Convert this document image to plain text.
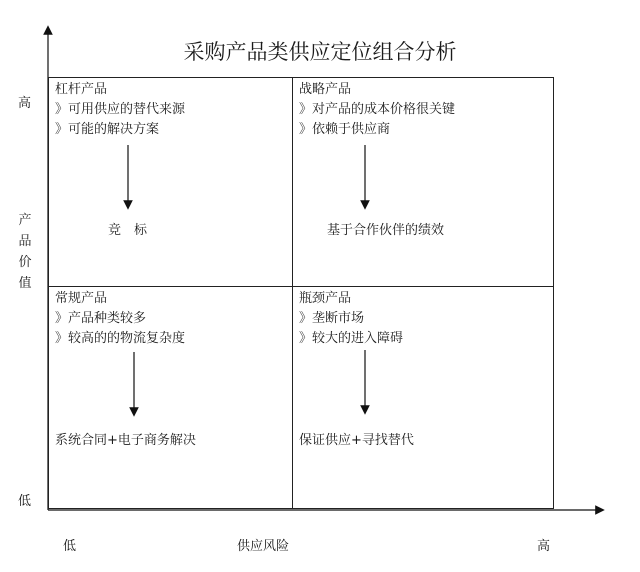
采购产品类供应定位组合分析
高
产品价值
低
低	供应风险	高
杠杆产品
》可用供应的替代来源
》可能的解决方案
竞　标
战略产品
》对产品的成本价格很关键
》依赖于供应商
基于合作伙伴的绩效
常规产品
》产品种类较多
》较高的的物流复杂度
系统合同+电子商务解决
瓶颈产品
》垄断市场
》较大的进入障碍
保证供应+寻找替代
